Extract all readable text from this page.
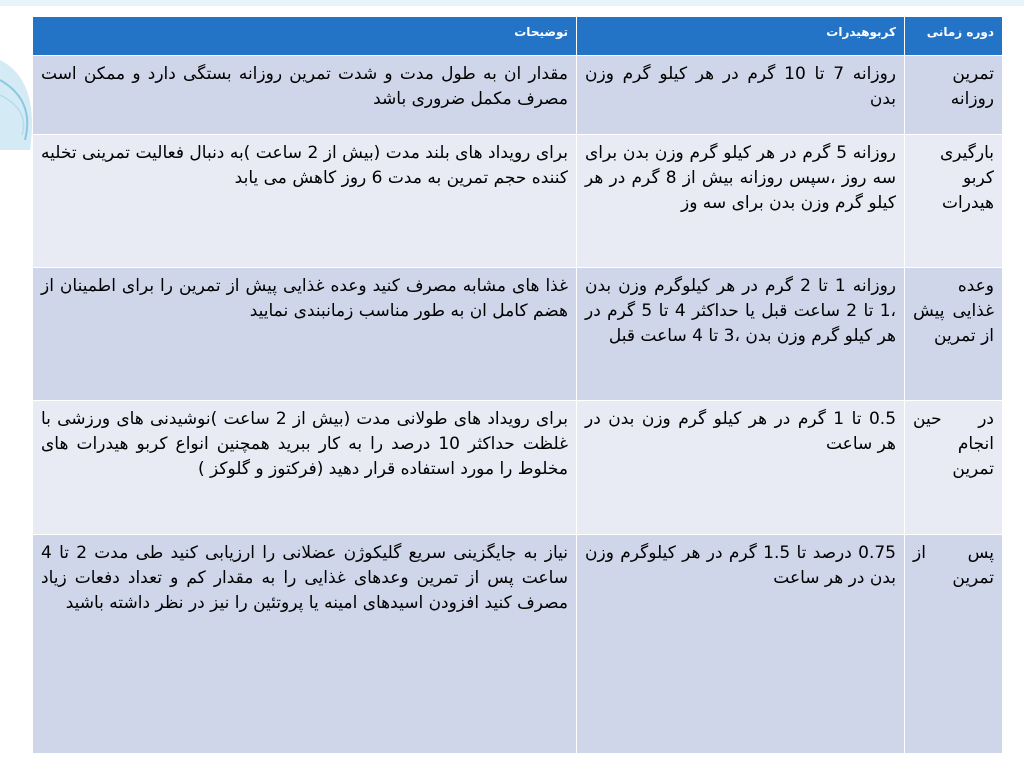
دوره زمانی	کربوهیدرات	توضیحات
تمرین روزانه	روزانه 7 تا 10 گرم در هر کیلو گرم وزن بدن	مقدار ان به طول مدت و شدت تمرین روزانه بستگی دارد و ممکن است مصرف مکمل ضروری باشد
بارگیری کربو هیدرات	روزانه 5 گرم در هر کیلو گرم وزن بدن برای سه روز ،سپس روزانه بیش از 8 گرم در هر کیلو گرم وزن بدن برای سه وز	برای رویداد های بلند مدت (بیش از 2 ساعت )به دنبال فعالیت تمرینی تخلیه کننده حجم تمرین به مدت 6 روز کاهش می یابد
وعده غذایی پیش از تمرین	روزانه 1 تا 2 گرم در هر کیلوگرم وزن بدن ،1 تا 2 ساعت قبل یا حداکثر 4 تا 5 گرم در هر کیلو گرم وزن بدن ،3 تا 4 ساعت قبل	غذا های مشابه مصرف کنید وعده غذایی پیش از تمرین را برای اطمینان از هضم کامل ان به طور مناسب زمانبندی نمایید
در حین انجام تمرین	0.5 تا 1 گرم در هر کیلو گرم وزن بدن در هر ساعت	برای رویداد های طولانی مدت (بیش از 2 ساعت )نوشیدنی های ورزشی با غلظت حداکثر 10 درصد را به کار ببرید همچنین انواع کربو هیدرات های مخلوط را مورد استفاده قرار دهید (فرکتوز و گلوکز )
پس از تمرین	0.75 درصد تا 1.5 گرم در هر کیلوگرم وزن بدن در هر ساعت	نیاز به جایگزینی سریع گلیکوژن عضلانی را ارزیابی کنید طی مدت 2 تا 4 ساعت پس از تمرین وعدهای غذایی را به مقدار کم و تعداد دفعات زیاد مصرف کنید افزودن اسیدهای امینه یا پروتئین را نیز در نظر داشته باشید
